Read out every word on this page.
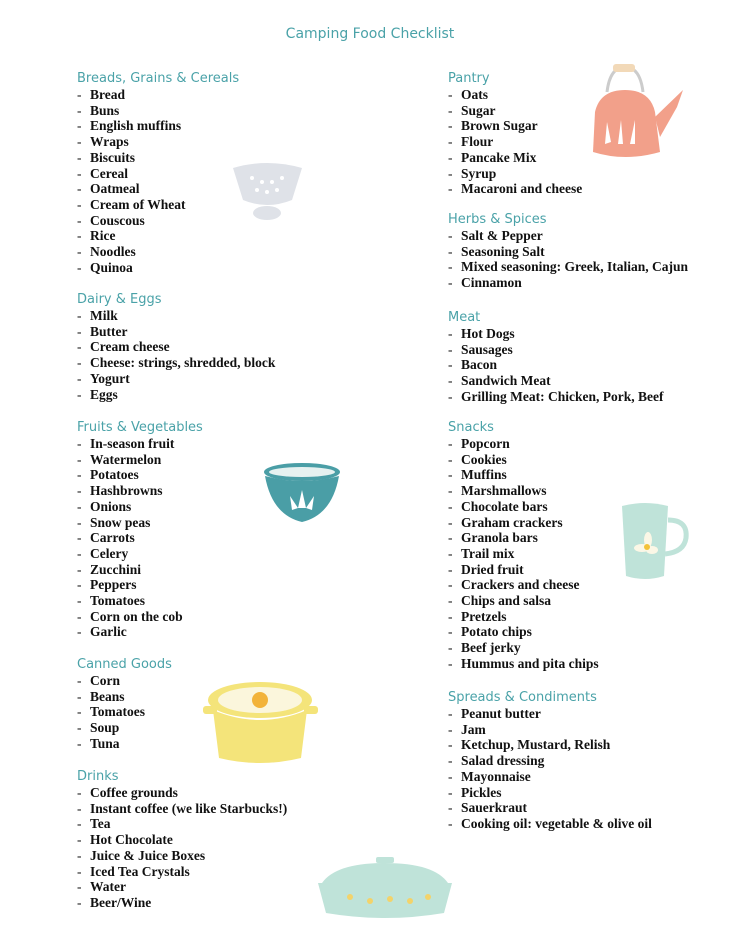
Camping Food Checklist
Breads, Grains & Cereals
- Bread
- Buns
- English muffins
- Wraps
- Biscuits
- Cereal
- Oatmeal
- Cream of Wheat
- Couscous
- Rice
- Noodles
- Quinoa
Dairy & Eggs
- Milk
- Butter
- Cream cheese
- Cheese: strings, shredded, block
- Yogurt
- Eggs
Fruits & Vegetables
- In-season fruit
- Watermelon
- Potatoes
- Hashbrowns
- Onions
- Snow peas
- Carrots
- Celery
- Zucchini
- Peppers
- Tomatoes
- Corn on the cob
- Garlic
Canned Goods
- Corn
- Beans
- Tomatoes
- Soup
- Tuna
Drinks
- Coffee grounds
- Instant coffee (we like Starbucks!)
- Tea
- Hot Chocolate
- Juice & Juice Boxes
- Iced Tea Crystals
- Water
- Beer/Wine
Pantry
- Oats
- Sugar
- Brown Sugar
- Flour
- Pancake Mix
- Syrup
- Macaroni and cheese
Herbs & Spices
- Salt & Pepper
- Seasoning Salt
- Mixed seasoning: Greek, Italian, Cajun
- Cinnamon
Meat
- Hot Dogs
- Sausages
- Bacon
- Sandwich Meat
- Grilling Meat: Chicken, Pork, Beef
Snacks
- Popcorn
- Cookies
- Muffins
- Marshmallows
- Chocolate bars
- Graham crackers
- Granola bars
- Trail mix
- Dried fruit
- Crackers and cheese
- Chips and salsa
- Pretzels
- Potato chips
- Beef jerky
- Hummus and pita chips
Spreads & Condiments
- Peanut butter
- Jam
- Ketchup, Mustard, Relish
- Salad dressing
- Mayonnaise
- Pickles
- Sauerkraut
- Cooking oil: vegetable & olive oil
